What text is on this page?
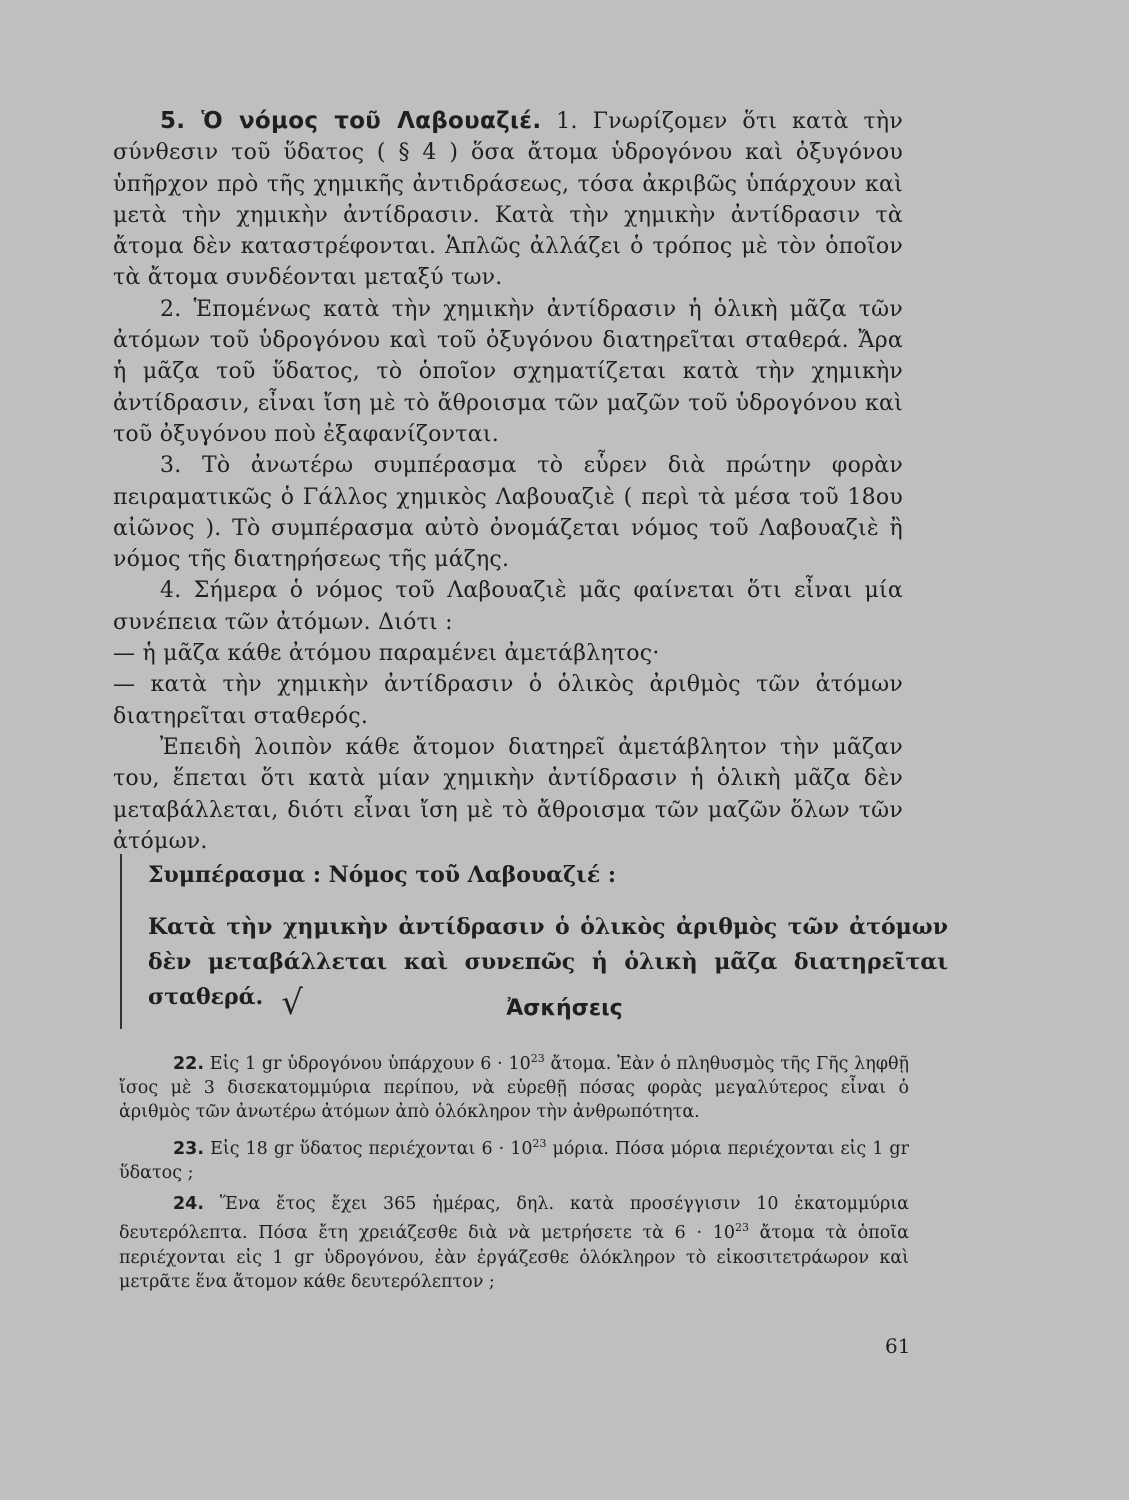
5. Ὁ νόμος τοῦ Λαβουαζιέ. 1. Γνωρίζομεν ὅτι κατὰ τὴν σύνθεσιν τοῦ ὕδατος ( § 4 ) ὅσα ἄτομα ὑδρογόνου καὶ ὀξυγόνου ὑπῆρχον πρὸ τῆς χημικῆς ἀντιδράσεως, τόσα ἀκριβῶς ὑπάρχουν καὶ μετὰ τὴν χημικὴν ἀντίδρασιν. Κατὰ τὴν χημικὴν ἀντίδρασιν τὰ ἄτομα δὲν καταστρέφονται. Ἁπλῶς ἀλλάζει ὁ τρόπος μὲ τὸν ὁποῖον τὰ ἄτομα συνδέονται μεταξύ των.

2. Ἑπομένως κατὰ τὴν χημικὴν ἀντίδρασιν ἡ ὁλικὴ μᾶζα τῶν ἀτόμων τοῦ ὑδρογόνου καὶ τοῦ ὀξυγόνου διατηρεῖται σταθερά. Ἄρα ἡ μᾶζα τοῦ ὕδατος, τὸ ὁποῖον σχηματίζεται κατὰ τὴν χημικὴν ἀντίδρασιν, εἶναι ἴση μὲ τὸ ἄθροισμα τῶν μαζῶν τοῦ ὑδρογόνου καὶ τοῦ ὀξυγόνου ποὺ ἐξαφανίζονται.

3. Τὸ ἀνωτέρω συμπέρασμα τὸ εὗρεν διὰ πρώτην φορὰν πειραματικῶς ὁ Γάλλος χημικὸς Λαβουαζιὲ ( περὶ τὰ μέσα τοῦ 18ου αἰῶνος ). Τὸ συμπέρασμα αὐτὸ ὀνομάζεται νόμος τοῦ Λαβουαζιὲ ἢ νόμος τῆς διατηρήσεως τῆς μάζης.

4. Σήμερα ὁ νόμος τοῦ Λαβουαζιὲ μᾶς φαίνεται ὅτι εἶναι μία συνέπεια τῶν ἀτόμων. Διότι :

— ἡ μᾶζα κάθε ἀτόμου παραμένει ἀμετάβλητος·

— κατὰ τὴν χημικὴν ἀντίδρασιν ὁ ὁλικὸς ἀριθμὸς τῶν ἀτόμων διατηρεῖται σταθερός.

Ἐπειδὴ λοιπὸν κάθε ἄτομον διατηρεῖ ἀμετάβλητον τὴν μᾶζαν του, ἕπεται ὅτι κατὰ μίαν χημικὴν ἀντίδρασιν ἡ ὁλικὴ μᾶζα δὲν μεταβάλλεται, διότι εἶναι ἴση μὲ τὸ ἄθροισμα τῶν μαζῶν ὅλων τῶν ἀτόμων.

Συμπέρασμα : Νόμος τοῦ Λαβουαζιέ :

Κατὰ τὴν χημικὴν ἀντίδρασιν ὁ ὁλικὸς ἀριθμὸς τῶν ἀτόμων δὲν μεταβάλλεται καὶ συνεπῶς ἡ ὁλικὴ μᾶζα διατηρεῖται σταθερά. √	Ἀσκήσεις

22. Εἰς 1 gr ὑδρογόνου ὑπάρχουν $6 \cdot 10^{23}$ ἄτομα. Ἐὰν ὁ πληθυσμὸς τῆς Γῆς ληφθῇ ἴσος μὲ 3 δισεκατομμύρια περίπου, νὰ εὑρεθῇ πόσας φορὰς μεγαλύτερος εἶναι ὁ ἀριθμὸς τῶν ἀνωτέρω ἀτόμων ἀπὸ ὁλόκληρον τὴν ἀνθρωπότητα.

23. Εἰς 18 gr ὕδατος περιέχονται $6 \cdot 10^{23}$ μόρια. Πόσα μόρια περιέχονται εἰς 1 gr ὕδατος ;

24. Ἕνα ἔτος ἔχει 365 ἡμέρας, δηλ. κατὰ προσέγγισιν 10 ἑκατομμύρια δευτερόλεπτα. Πόσα ἔτη χρειάζεσθε διὰ νὰ μετρήσετε τὰ $6 \cdot 10^{23}$ ἄτομα τὰ ὁποῖα περιέχονται εἰς 1 gr ὑδρογόνου, ἐὰν ἐργάζεσθε ὁλόκληρον τὸ εἰκοσιτετράωρον καὶ μετρᾶτε ἕνα ἄτομον κάθε δευτερόλεπτον ;

61
